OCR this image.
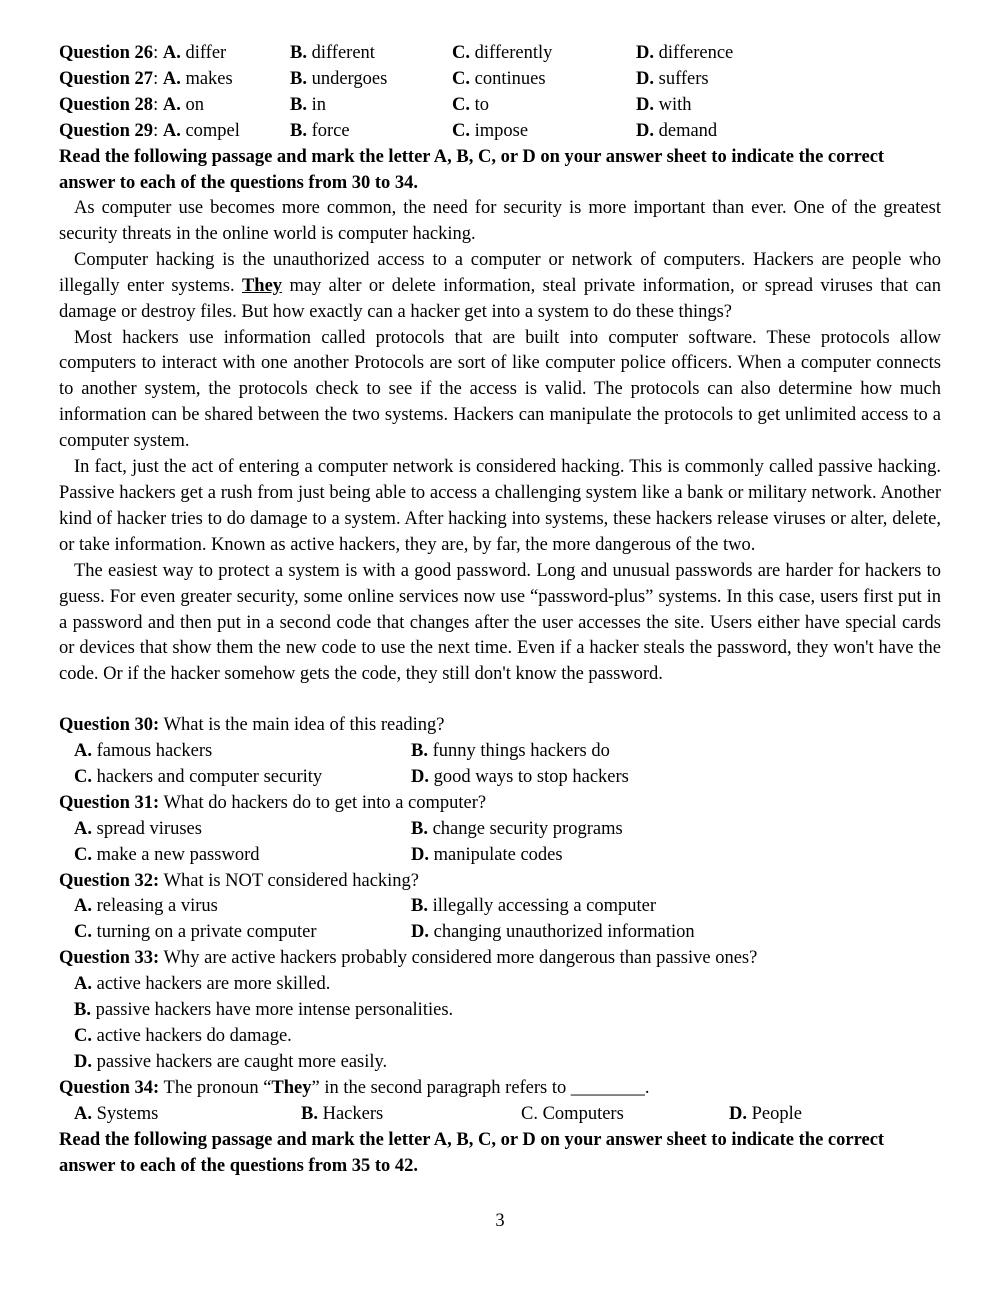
Question 26: A. differ	B. different	C. differently	D. difference
Question 27: A. makes	B. undergoes	C. continues	D. suffers
Question 28: A. on	B. in	C. to	D. with
Question 29: A. compel	B. force	C. impose	D. demand
Read the following passage and mark the letter A, B, C, or D on your answer sheet to indicate the correct
answer to each of the questions from 30 to 34.

As computer use becomes more common, the need for security is more important than ever. One of the greatest security threats in the online world is computer hacking.

Computer hacking is the unauthorized access to a computer or network of computers. Hackers are people who illegally enter systems. They may alter or delete information, steal private information, or spread viruses that can damage or destroy files. But how exactly can a hacker get into a system to do these things?

Most hackers use information called protocols that are built into computer software. These protocols allow computers to interact with one another Protocols are sort of like computer police officers. When a computer connects to another system, the protocols check to see if the access is valid. The protocols can also determine how much information can be shared between the two systems. Hackers can manipulate the protocols to get unlimited access to a computer system.

In fact, just the act of entering a computer network is considered hacking. This is commonly called passive hacking. Passive hackers get a rush from just being able to access a challenging system like a bank or military network. Another kind of hacker tries to do damage to a system. After hacking into systems, these hackers release viruses or alter, delete, or take information. Known as active hackers, they are, by far, the more dangerous of the two.

The easiest way to protect a system is with a good password. Long and unusual passwords are harder for hackers to guess. For even greater security, some online services now use “password-plus” systems. In this case, users first put in a password and then put in a second code that changes after the user accesses the site. Users either have special cards or devices that show them the new code to use the next time. Even if a hacker steals the password, they won't have the code. Or if the hacker somehow gets the code, they still don't know the password.

Question 30: What is the main idea of this reading?
A. famous hackers	B. funny things hackers do
C. hackers and computer security	D. good ways to stop hackers
Question 31: What do hackers do to get into a computer?
A. spread viruses	B. change security programs
C. make a new password	D. manipulate codes
Question 32: What is NOT considered hacking?
A. releasing a virus	B. illegally accessing a computer
C. turning on a private computer	D. changing unauthorized information
Question 33: Why are active hackers probably considered more dangerous than passive ones?
A. active hackers are more skilled.
B. passive hackers have more intense personalities.
C. active hackers do damage.
D. passive hackers are caught more easily.
Question 34: The pronoun “They” in the second paragraph refers to ________.
A. Systems	B. Hackers	C. Computers	D. People
Read the following passage and mark the letter A, B, C, or D on your answer sheet to indicate the correct
answer to each of the questions from 35 to 42.
3
